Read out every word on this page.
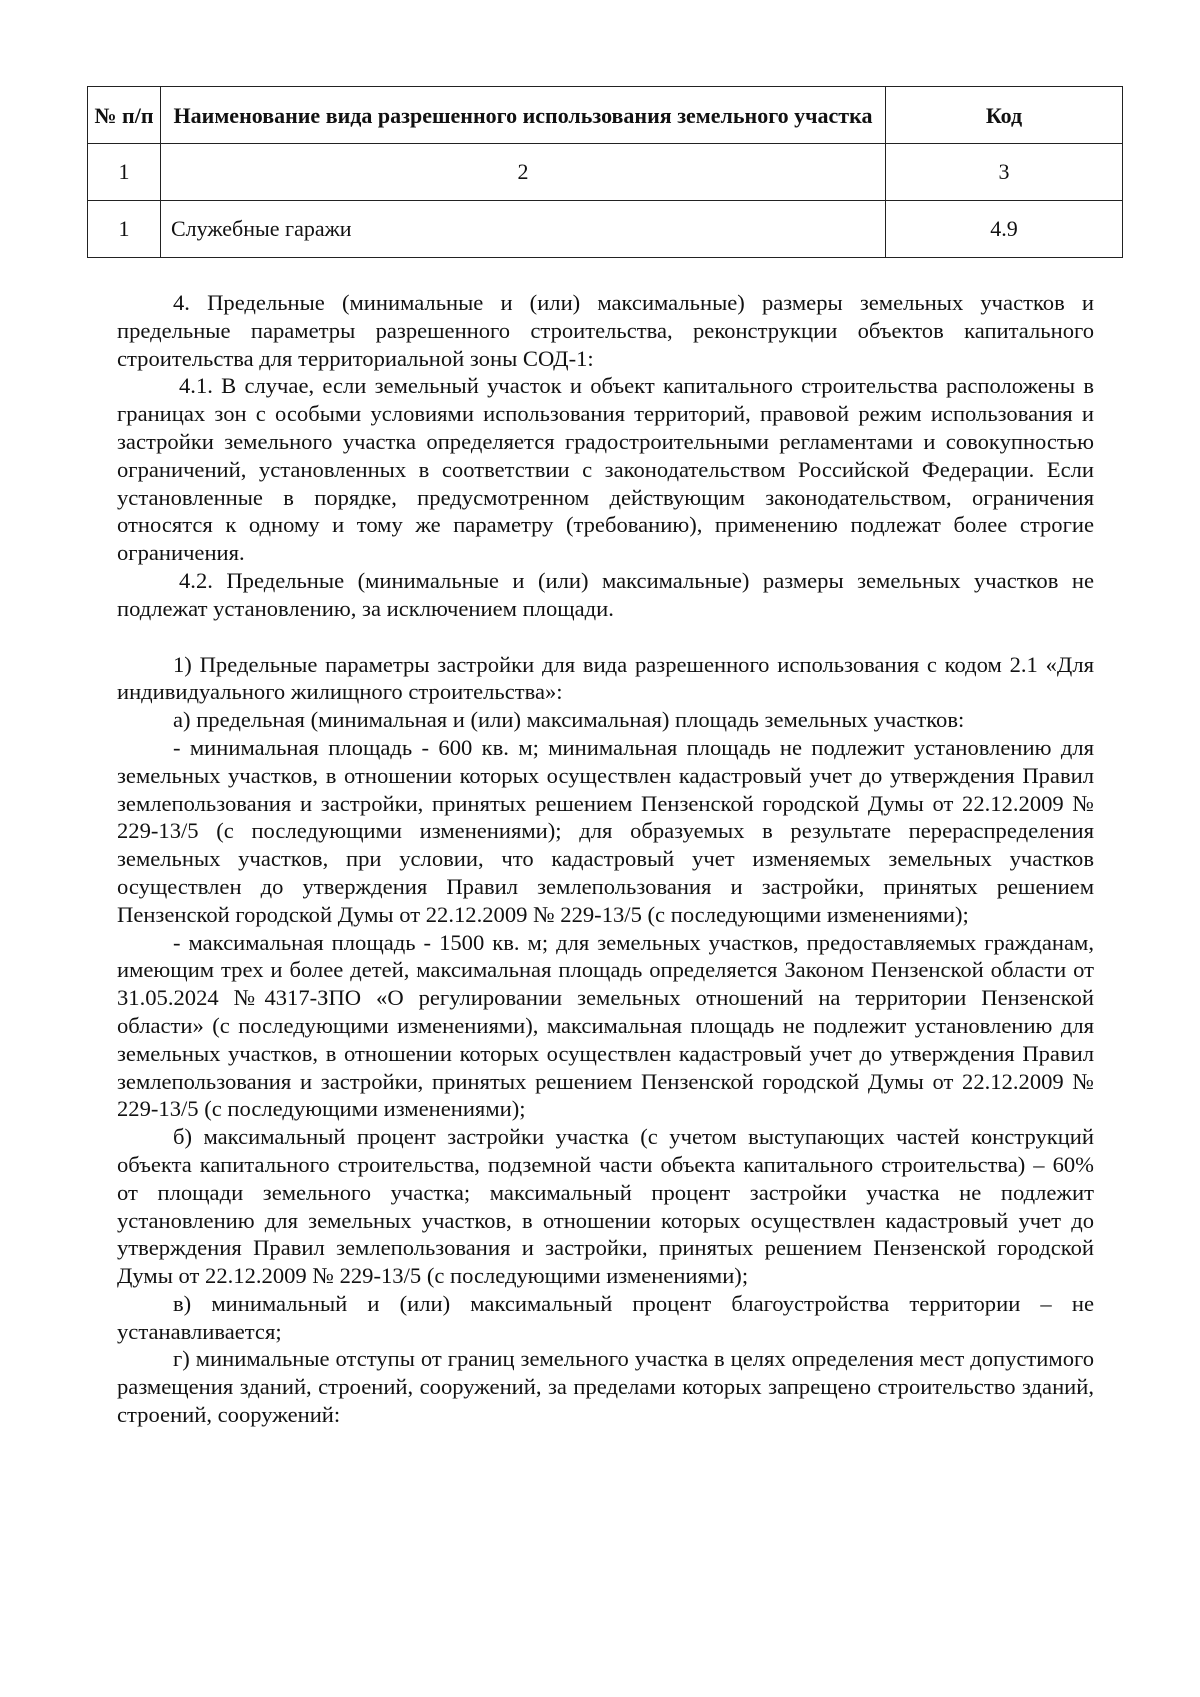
№ п/п	Наименование вида разрешенного использования земельного участка	Код
1	2	3
1	Служебные гаражи	4.9

4. Предельные (минимальные и (или) максимальные) размеры земельных участков и предельные параметры разрешенного строительства, реконструкции объектов капитального строительства для территориальной зоны СОД-1:

4.1. В случае, если земельный участок и объект капитального строительства расположены в границах зон с особыми условиями использования территорий, правовой режим использования и застройки земельного участка определяется градостроительными регламентами и совокупностью ограничений, установленных в соответствии с законодательством Российской Федерации. Если установленные в порядке, предусмотренном действующим законодательством, ограничения относятся к одному и тому же параметру (требованию), применению подлежат более строгие ограничения.

4.2. Предельные (минимальные и (или) максимальные) размеры земельных участков не подлежат установлению, за исключением площади.

1) Предельные параметры застройки для вида разрешенного использования с кодом 2.1 «Для индивидуального жилищного строительства»:

а) предельная (минимальная и (или) максимальная) площадь земельных участков:

- минимальная площадь - 600 кв. м; минимальная площадь не подлежит установлению для земельных участков, в отношении которых осуществлен кадастровый учет до утверждения Правил землепользования и застройки, принятых решением Пензенской городской Думы от 22.12.2009 № 229-13/5 (с последующими изменениями); для образуемых в результате перераспределения земельных участков, при условии, что кадастровый учет изменяемых земельных участков осуществлен до утверждения Правил землепользования и застройки, принятых решением Пензенской городской Думы от 22.12.2009 № 229-13/5 (с последующими изменениями);

- максимальная площадь - 1500 кв. м; для земельных участков, предоставляемых гражданам, имеющим трех и более детей, максимальная площадь определяется Законом Пензенской области от 31.05.2024 №4317-ЗПО «О регулировании земельных отношений на территории Пензенской области» (с последующими изменениями), максимальная площадь не подлежит установлению для земельных участков, в отношении которых осуществлен кадастровый учет до утверждения Правил землепользования и застройки, принятых решением Пензенской городской Думы от 22.12.2009 № 229-13/5 (с последующими изменениями);

б) максимальный процент застройки участка (с учетом выступающих частей конструкций объекта капитального строительства, подземной части объекта капитального строительства) – 60% от площади земельного участка; максимальный процент застройки участка не подлежит установлению для земельных участков, в отношении которых осуществлен кадастровый учет до утверждения Правил землепользования и застройки, принятых решением Пензенской городской Думы от 22.12.2009 № 229-13/5 (с последующими изменениями);

в) минимальный и (или) максимальный процент благоустройства территории – не устанавливается;

г) минимальные отступы от границ земельного участка в целях определения мест допустимого размещения зданий, строений, сооружений, за пределами которых запрещено строительство зданий, строений, сооружений:
